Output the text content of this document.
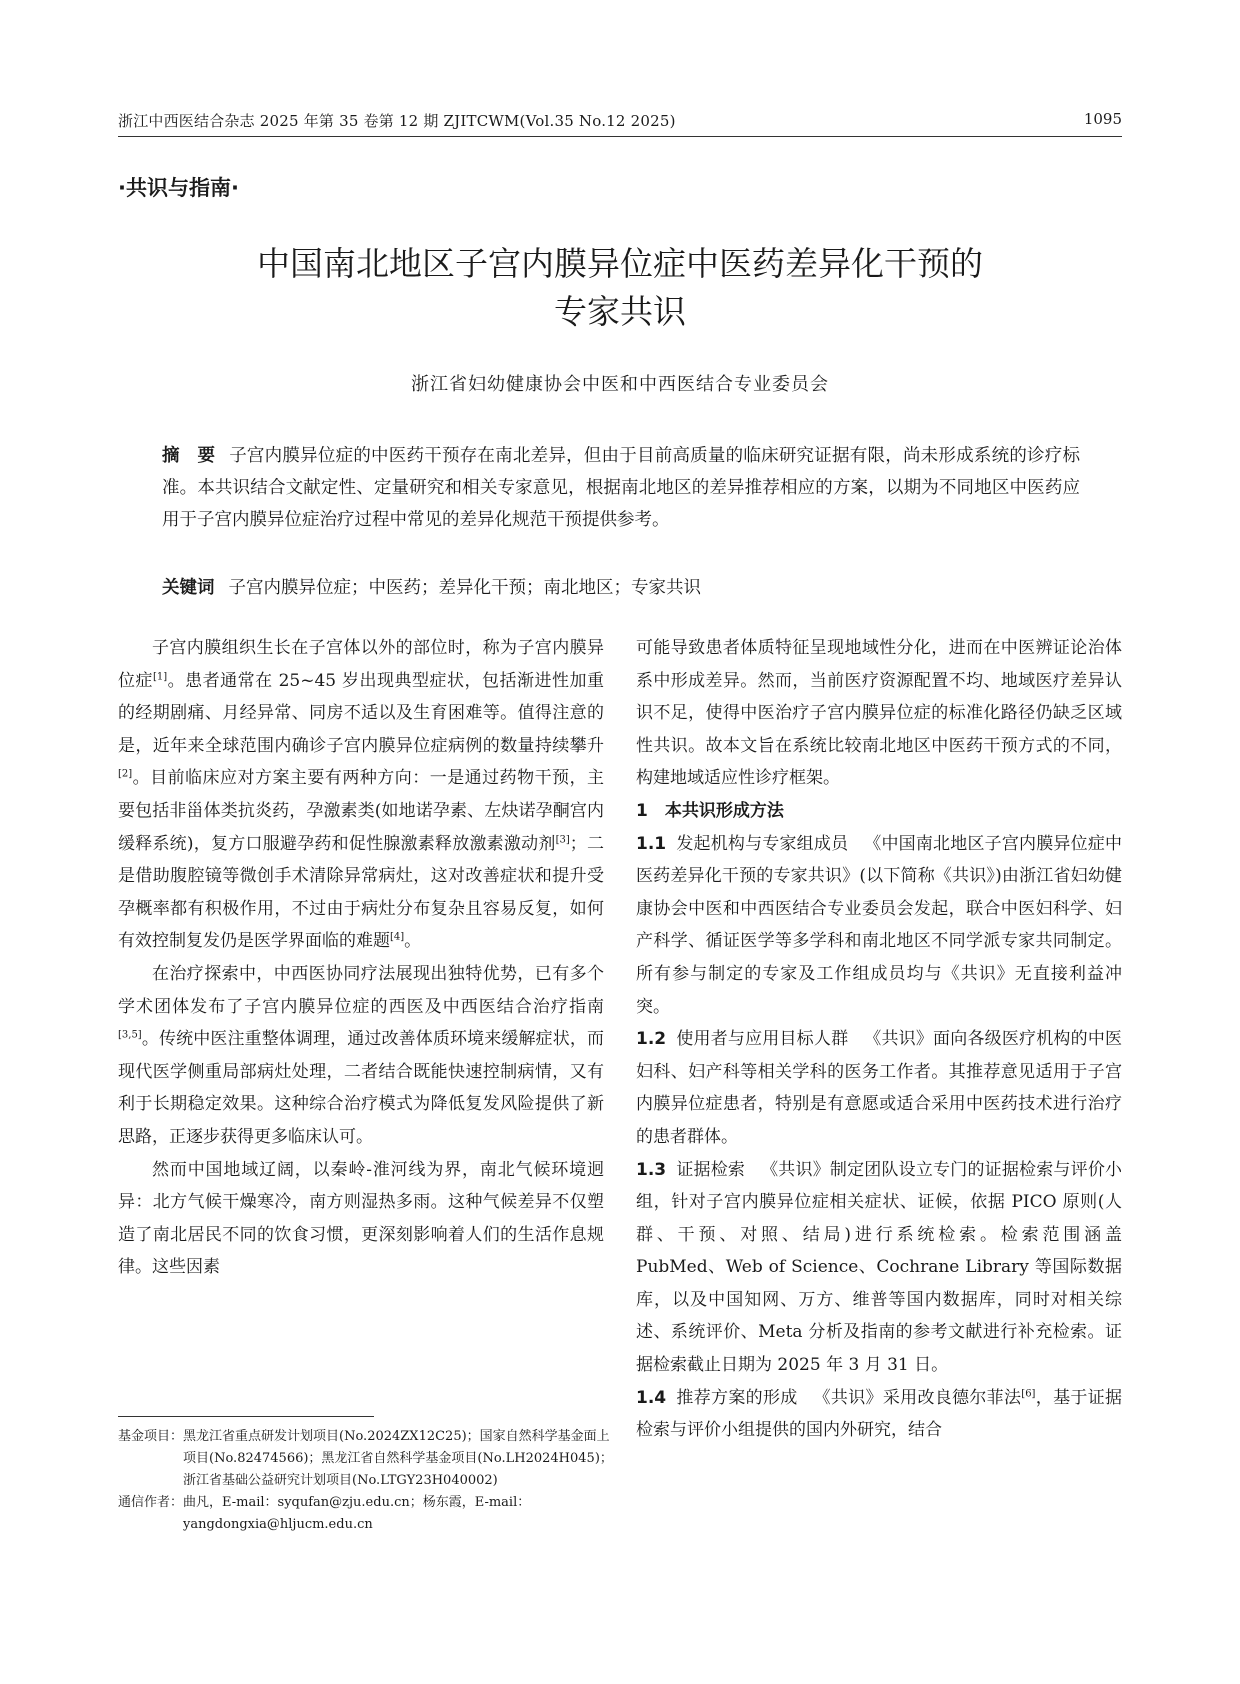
浙江中西医结合杂志 2025 年第 35 卷第 12 期 ZJITCWM(Vol.35 No.12 2025)	1095
·共识与指南·
中国南北地区子宫内膜异位症中医药差异化干预的
专家共识
浙江省妇幼健康协会中医和中西医结合专业委员会
摘　要 子宫内膜异位症的中医药干预存在南北差异，但由于目前高质量的临床研究证据有限，尚未形成系统的诊疗标准。本共识结合文献定性、定量研究和相关专家意见，根据南北地区的差异推荐相应的方案，以期为不同地区中医药应用于子宫内膜异位症治疗过程中常见的差异化规范干预提供参考。
关键词 子宫内膜异位症；中医药；差异化干预；南北地区；专家共识

子宫内膜组织生长在子宫体以外的部位时，称为子宫内膜异位症[1]。患者通常在 25~45 岁出现典型症状，包括渐进性加重的经期剧痛、月经异常、同房不适以及生育困难等。值得注意的是，近年来全球范围内确诊子宫内膜异位症病例的数量持续攀升[2]。目前临床应对方案主要有两种方向：一是通过药物干预，主要包括非甾体类抗炎药，孕激素类(如地诺孕素、左炔诺孕酮宫内缓释系统)，复方口服避孕药和促性腺激素释放激素激动剂[3]；二是借助腹腔镜等微创手术清除异常病灶，这对改善症状和提升受孕概率都有积极作用，不过由于病灶分布复杂且容易反复，如何有效控制复发仍是医学界面临的难题[4]。

在治疗探索中，中西医协同疗法展现出独特优势，已有多个学术团体发布了子宫内膜异位症的西医及中西医结合治疗指南[3,5]。传统中医注重整体调理，通过改善体质环境来缓解症状，而现代医学侧重局部病灶处理，二者结合既能快速控制病情，又有利于长期稳定效果。这种综合治疗模式为降低复发风险提供了新思路，正逐步获得更多临床认可。

然而中国地域辽阔，以秦岭-淮河线为界，南北气候环境迥异：北方气候干燥寒冷，南方则湿热多雨。这种气候差异不仅塑造了南北居民不同的饮食习惯，更深刻影响着人们的生活作息规律。这些因素

可能导致患者体质特征呈现地域性分化，进而在中医辨证论治体系中形成差异。然而，当前医疗资源配置不均、地域医疗差异认识不足，使得中医治疗子宫内膜异位症的标准化路径仍缺乏区域性共识。故本文旨在系统比较南北地区中医药干预方式的不同，构建地域适应性诊疗框架。

1　本共识形成方法

1.1 发起机构与专家组成员 《中国南北地区子宫内膜异位症中医药差异化干预的专家共识》(以下简称《共识》)由浙江省妇幼健康协会中医和中西医结合专业委员会发起，联合中医妇科学、妇产科学、循证医学等多学科和南北地区不同学派专家共同制定。所有参与制定的专家及工作组成员均与《共识》无直接利益冲突。

1.2 使用者与应用目标人群 《共识》面向各级医疗机构的中医妇科、妇产科等相关学科的医务工作者。其推荐意见适用于子宫内膜异位症患者，特别是有意愿或适合采用中医药技术进行治疗的患者群体。

1.3 证据检索 《共识》制定团队设立专门的证据检索与评价小组，针对子宫内膜异位症相关症状、证候，依据 PICO 原则(人群、干预、对照、结局)进行系统检索。检索范围涵盖 PubMed、Web of Science、Cochrane Library 等国际数据库，以及中国知网、万方、维普等国内数据库，同时对相关综述、系统评价、Meta 分析及指南的参考文献进行补充检索。证据检索截止日期为 2025 年 3 月 31 日。

1.4 推荐方案的形成 《共识》采用改良德尔菲法[6]，基于证据检索与评价小组提供的国内外研究，结合

基金项目： 黑龙江省重点研发计划项目(No.2024ZX12C25)；国家自然科学基金面上项目(No.82474566)；黑龙江省自然科学基金项目(No.LH2024H045)；浙江省基础公益研究计划项目(No.LTGY23H040002)
通信作者： 曲凡，E-mail：syqufan@zju.edu.cn；杨东霞，E-mail：yangdongxia@hljucm.edu.cn
